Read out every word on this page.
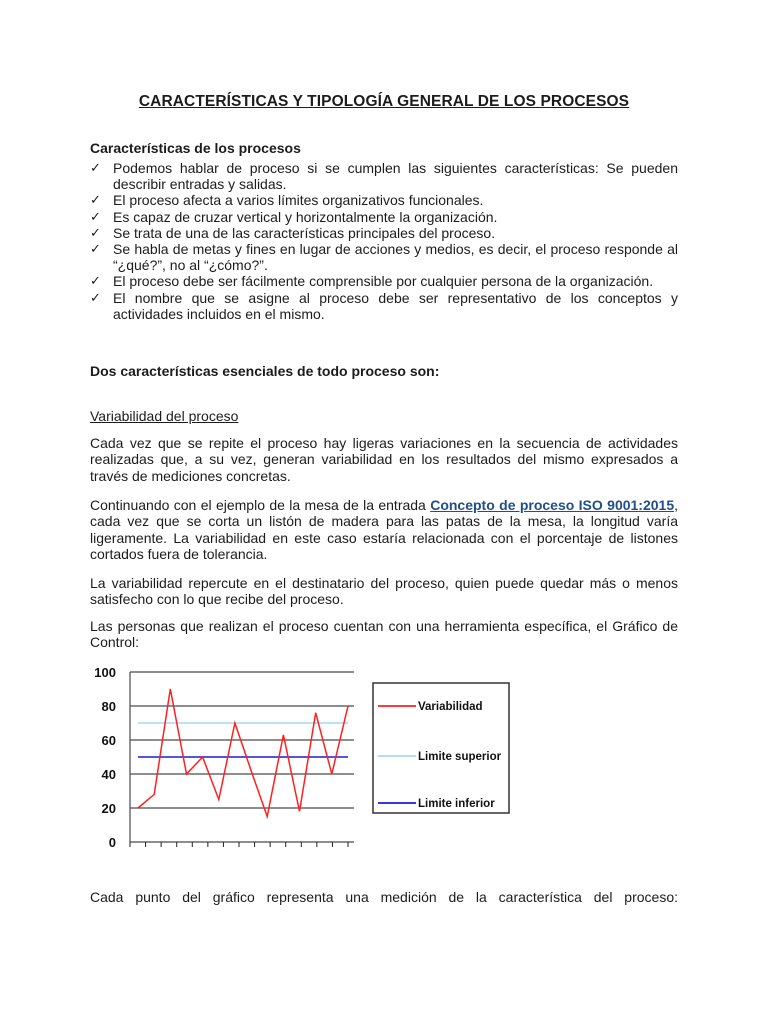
CARACTERÍSTICAS Y TIPOLOGÍA GENERAL DE LOS PROCESOS
Características de los procesos
✓ Podemos hablar de proceso si se cumplen las siguientes características: Se pueden describir entradas y salidas.
✓ El proceso afecta a varios límites organizativos funcionales.
✓ Es capaz de cruzar vertical y horizontalmente la organización.
✓ Se trata de una de las características principales del proceso.
✓ Se habla de metas y fines en lugar de acciones y medios, es decir, el proceso responde al “¿qué?”, no al “¿cómo?”.
✓ El proceso debe ser fácilmente comprensible por cualquier persona de la organización.
✓ El nombre que se asigne al proceso debe ser representativo de los conceptos y actividades incluidos en el mismo.

Dos características esenciales de todo proceso son:

Variabilidad del proceso

Cada vez que se repite el proceso hay ligeras variaciones en la secuencia de actividades realizadas que, a su vez, generan variabilidad en los resultados del mismo expresados a través de mediciones concretas.

Continuando con el ejemplo de la mesa de la entrada Concepto de proceso ISO 9001:2015, cada vez que se corta un listón de madera para las patas de la mesa, la longitud varía ligeramente. La variabilidad en este caso estaría relacionada con el porcentaje de listones cortados fuera de tolerancia.

La variabilidad repercute en el destinatario del proceso, quien puede quedar más o menos satisfecho con lo que recibe del proceso.

Las personas que realizan el proceso cuentan con una herramienta específica, el Gráfico de Control:

Cada punto del gráfico representa una medición de la característica del proceso:

0
20
40
60
80
100
Variabilidad
Limite superior
Limite inferior
